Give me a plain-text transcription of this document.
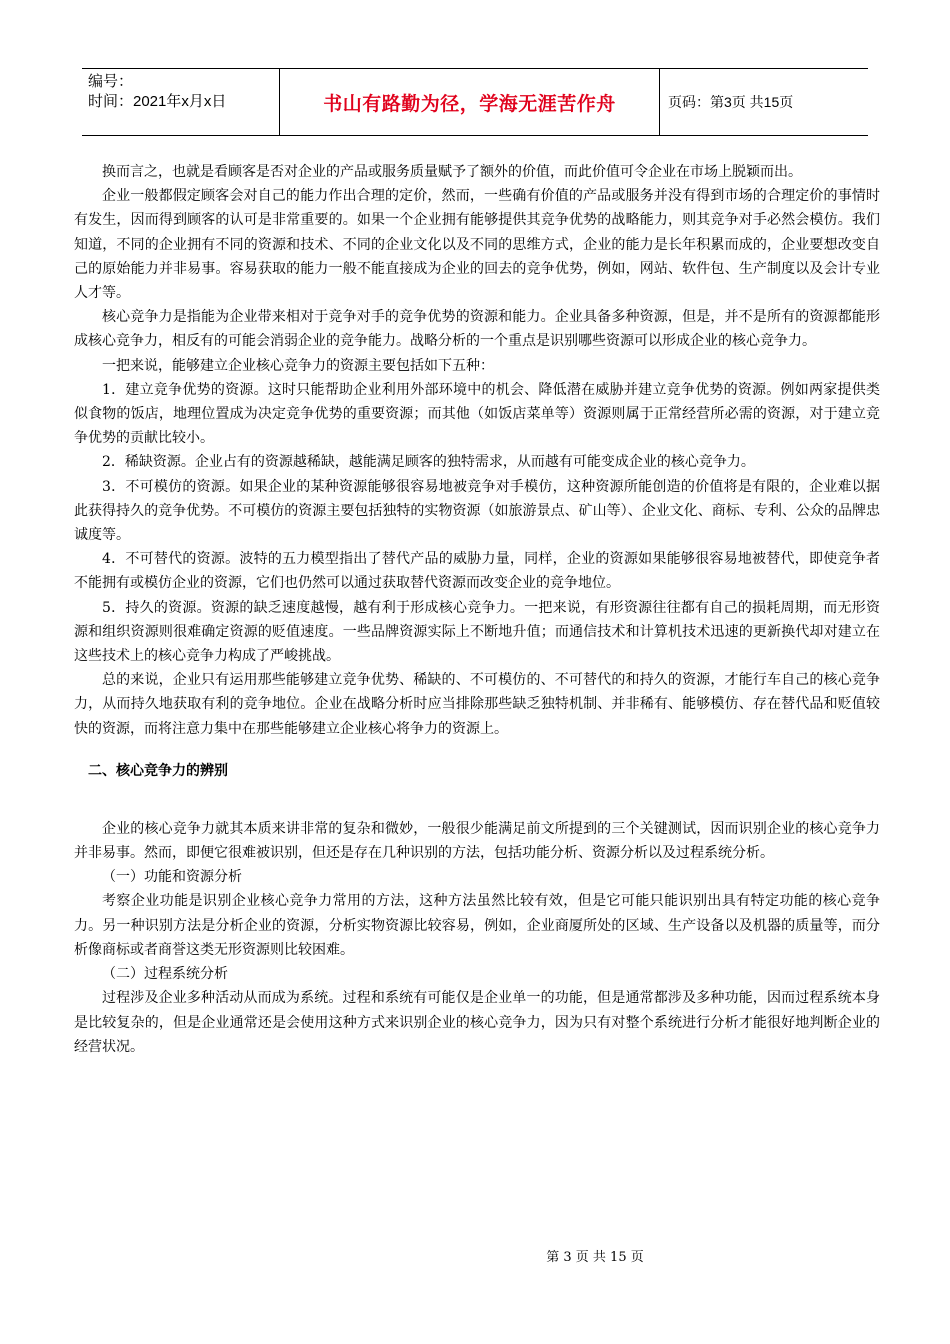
编号：
时间：2021年x月x日	书山有路勤为径，学海无涯苦作舟	页码：第3页 共15页

换而言之，也就是看顾客是否对企业的产品或服务质量赋予了额外的价值，而此价值可令企业在市场上脱颖而出。

企业一般都假定顾客会对自己的能力作出合理的定价，然而，一些确有价值的产品或服务并没有得到市场的合理定价的事情时有发生，因而得到顾客的认可是非常重要的。如果一个企业拥有能够提供其竞争优势的战略能力，则其竞争对手必然会模仿。我们知道，不同的企业拥有不同的资源和技术、不同的企业文化以及不同的思维方式，企业的能力是长年积累而成的，企业要想改变自己的原始能力并非易事。容易获取的能力一般不能直接成为企业的回去的竞争优势，例如，网站、软件包、生产制度以及会计专业人才等。

核心竞争力是指能为企业带来相对于竞争对手的竞争优势的资源和能力。企业具备多种资源，但是，并不是所有的资源都能形成核心竞争力，相反有的可能会消弱企业的竞争能力。战略分析的一个重点是识别哪些资源可以形成企业的核心竞争力。

一把来说，能够建立企业核心竞争力的资源主要包括如下五种：

1．建立竞争优势的资源。这时只能帮助企业利用外部环境中的机会、降低潜在威胁并建立竞争优势的资源。例如两家提供类似食物的饭店，地理位置成为决定竞争优势的重要资源；而其他（如饭店菜单等）资源则属于正常经营所必需的资源，对于建立竞争优势的贡献比较小。

2．稀缺资源。企业占有的资源越稀缺，越能满足顾客的独特需求，从而越有可能变成企业的核心竞争力。

3．不可模仿的资源。如果企业的某种资源能够很容易地被竞争对手模仿，这种资源所能创造的价值将是有限的，企业难以据此获得持久的竞争优势。不可模仿的资源主要包括独特的实物资源（如旅游景点、矿山等）、企业文化、商标、专利、公众的品牌忠诚度等。

4．不可替代的资源。波特的五力模型指出了替代产品的威胁力量，同样，企业的资源如果能够很容易地被替代，即使竞争者不能拥有或模仿企业的资源，它们也仍然可以通过获取替代资源而改变企业的竞争地位。

5．持久的资源。资源的缺乏速度越慢，越有利于形成核心竞争力。一把来说，有形资源往往都有自己的损耗周期，而无形资源和组织资源则很难确定资源的贬值速度。一些品牌资源实际上不断地升值；而通信技术和计算机技术迅速的更新换代却对建立在这些技术上的核心竞争力构成了严峻挑战。

总的来说，企业只有运用那些能够建立竞争优势、稀缺的、不可模仿的、不可替代的和持久的资源，才能行车自己的核心竞争力，从而持久地获取有利的竞争地位。企业在战略分析时应当排除那些缺乏独特机制、并非稀有、能够模仿、存在替代品和贬值较快的资源，而将注意力集中在那些能够建立企业核心将争力的资源上。

二、核心竞争力的辨别

企业的核心竞争力就其本质来讲非常的复杂和微妙，一般很少能满足前文所提到的三个关键测试，因而识别企业的核心竞争力并非易事。然而，即便它很难被识别，但还是存在几种识别的方法，包括功能分析、资源分析以及过程系统分析。

（一）功能和资源分析

考察企业功能是识别企业核心竞争力常用的方法，这种方法虽然比较有效，但是它可能只能识别出具有特定功能的核心竞争力。另一种识别方法是分析企业的资源，分析实物资源比较容易，例如，企业商厦所处的区域、生产设备以及机器的质量等，而分析像商标或者商誉这类无形资源则比较困难。

（二）过程系统分析

过程涉及企业多种活动从而成为系统。过程和系统有可能仅是企业单一的功能，但是通常都涉及多种功能，因而过程系统本身是比较复杂的，但是企业通常还是会使用这种方式来识别企业的核心竞争力，因为只有对整个系统进行分析才能很好地判断企业的经营状况。

第 3 页 共 15 页
